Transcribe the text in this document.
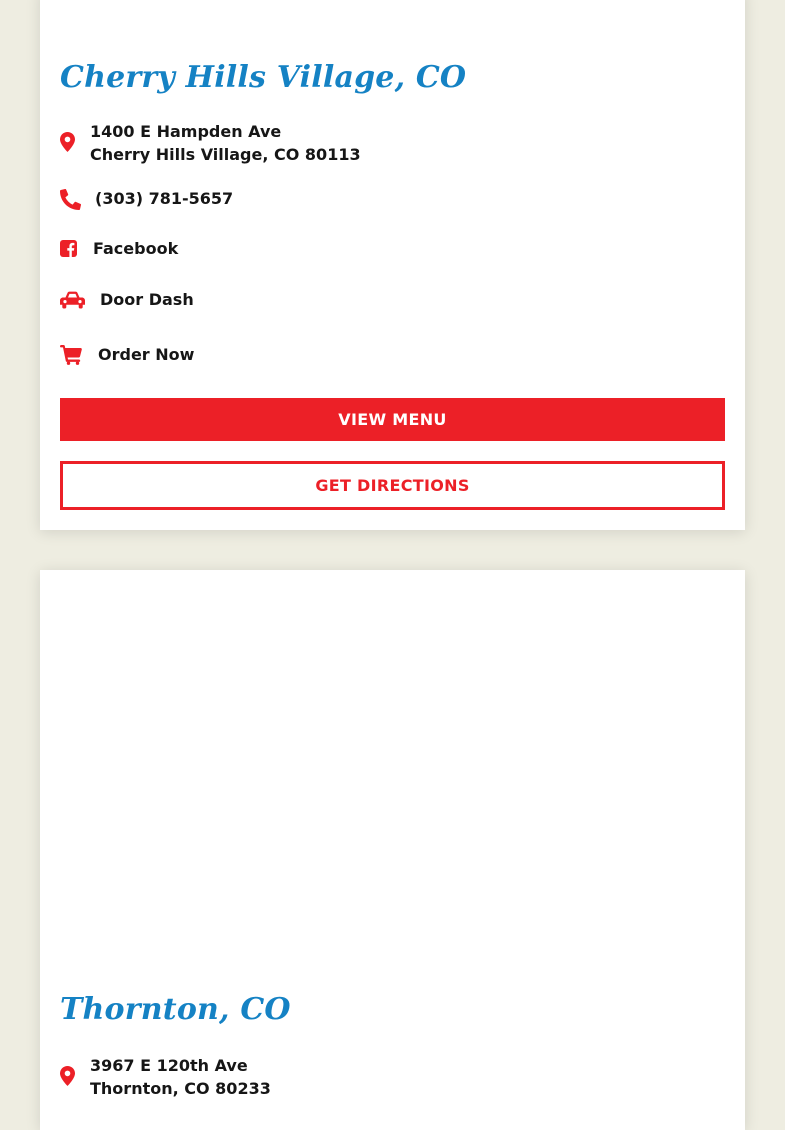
Cherry Hills Village, CO
1400 E Hampden Ave
Cherry Hills Village, CO 80113
(303) 781-5657
Facebook
Door Dash
Order Now
VIEW MENU
GET DIRECTIONS
Thornton, CO
3967 E 120th Ave
Thornton, CO 80233
